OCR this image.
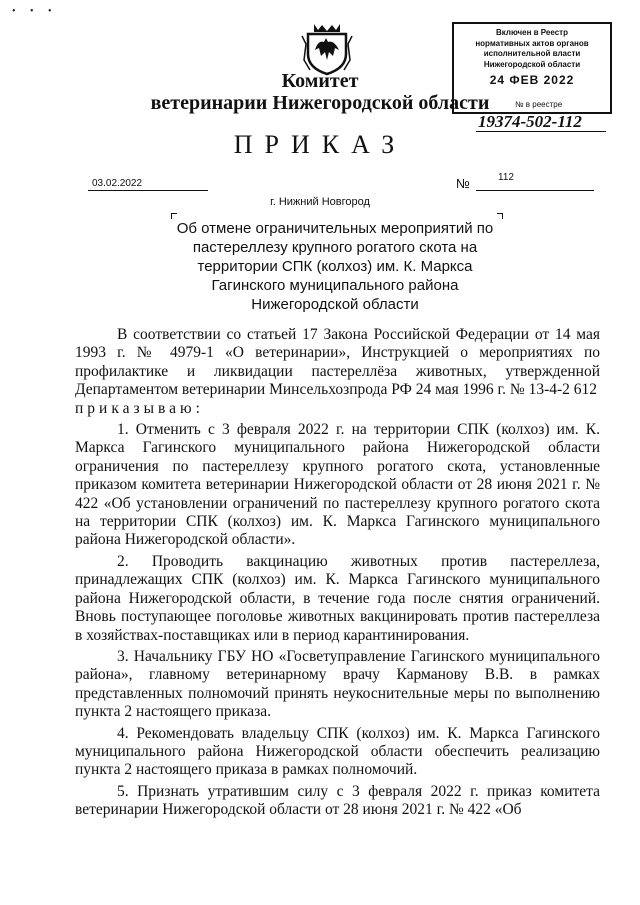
• • •
Комитет
ветеринарии Нижегородской области
ПРИКАЗ
Включен в Реестр
нормативных актов органов
исполнительной власти
Нижегородской области
24 ФЕВ 2022
№ в реестре
19374-502-112
03.02.2022	№	112
г. Нижний Новгород
Об отмене ограничительных мероприятий по пастереллезу крупного рогатого скота на территории СПК (колхоз) им. К. Маркса Гагинского муниципального района Нижегородской области

В соответствии со статьей 17 Закона Российской Федерации от 14 мая 1993 г. № 4979-1 «О ветеринарии», Инструкцией о мероприятиях по профилактике и ликвидации пастереллёза животных, утвержденной Департаментом ветеринарии Минсельхозпрода РФ 24 мая 1996 г. № 13-4-2 612

приказываю:

1. Отменить с 3 февраля 2022 г. на территории СПК (колхоз) им. К. Маркса Гагинского муниципального района Нижегородской области ограничения по пастереллезу крупного рогатого скота, установленные приказом комитета ветеринарии Нижегородской области от 28 июня 2021 г. № 422 «Об установлении ограничений по пастереллезу крупного рогатого скота на территории СПК (колхоз) им. К. Маркса Гагинского муниципального района Нижегородской области».

2. Проводить вакцинацию животных против пастереллеза, принадлежащих СПК (колхоз) им. К. Маркса Гагинского муниципального района Нижегородской области, в течение года после снятия ограничений. Вновь поступающее поголовье животных вакцинировать против пастереллеза в хозяйствах-поставщиках или в период карантинирования.

3. Начальнику ГБУ НО «Госветуправление Гагинского муниципального района», главному ветеринарному врачу Карманову В.В. в рамках представленных полномочий принять неукоснительные меры по выполнению пункта 2 настоящего приказа.

4. Рекомендовать владельцу СПК (колхоз) им. К. Маркса Гагинского муниципального района Нижегородской области обеспечить реализацию пункта 2 настоящего приказа в рамках полномочий.

5. Признать утратившим силу с 3 февраля 2022 г. приказ комитета ветеринарии Нижегородской области от 28 июня 2021 г. № 422 «Об
